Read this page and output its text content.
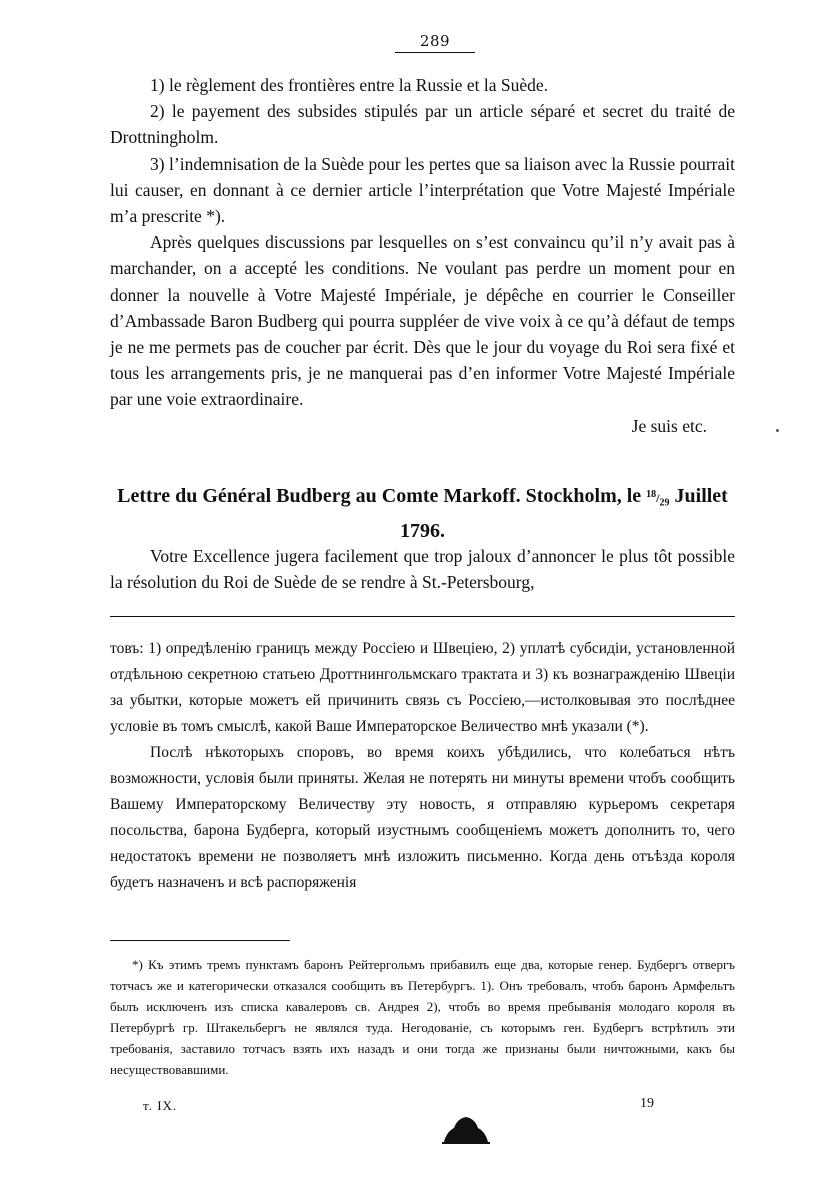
289

1) le règlement des frontières entre la Russie et la Suède.

2) le payement des subsides stipulés par un article séparé et secret du traité de Drottningholm.

3) l’indemnisation de la Suède pour les pertes que sa liaison avec la Russie pourrait lui causer, en donnant à ce dernier article l’interprétation que Votre Majesté Impériale m’a prescrite *).

Après quelques discussions par lesquelles on s’est convaincu qu’il n’y avait pas à marchander, on a accepté les conditions. Ne voulant pas perdre un moment pour en donner la nouvelle à Votre Majesté Impériale, je dépêche en courrier le Conseiller d’Ambassade Baron Budberg qui pourra suppléer de vive voix à ce qu’à défaut de temps je ne me permets pas de coucher par écrit. Dès que le jour du voyage du Roi sera fixé et tous les arrangements pris, je ne manquerai pas d’en informer Votre Majesté Impériale par une voie extraordinaire.

Je suis etc.

Lettre du Général Budberg au Comte Markoff. Stockholm, le $^{18}/_{29}$ Juillet
1796.

Votre Excellence jugera facilement que trop jaloux d’annoncer le plus tôt possible la résolution du Roi de Suède de se rendre à St.-Petersbourg,

товъ: 1) опредѣленію границъ между Россіею и Швеціею, 2) уплатѣ субсидіи, установленной отдѣльною секретною статьею Дроттнингольмскаго трактата и 3) къ вознагражденію Швеціи за убытки, которые можетъ ей причинить связь съ Россіею,—истолковывая это послѣднее условіе въ томъ смыслѣ, какой Ваше Императорское Величество мнѣ указали (*).

Послѣ нѣкоторыхъ споровъ, во время коихъ убѣдились, что колебаться нѣтъ возможности, условія были приняты. Желая не потерять ни минуты времени чтобъ сообщить Вашему Императорскому Величеству эту новость, я отправляю курьеромъ секретаря посольства, барона Будберга, который изустнымъ сообщеніемъ можетъ дополнить то, чего недостатокъ времени не позволяетъ мнѣ изложить письменно. Когда день отъѣзда короля будетъ назначенъ и всѣ распоряженія

*) Къ этимъ тремъ пунктамъ баронъ Рейтергольмъ прибавилъ еще два, которые генер. Будбергъ отвергъ тотчасъ же и категорически отказался сообщить въ Петербургъ. 1). Онъ требовалъ, чтобъ баронъ Армфельтъ былъ исключенъ изъ списка кавалеровъ св. Андрея 2), чтобъ во время пребыванія молодаго короля въ Петербургѣ гр. Штакельбергъ не являлся туда. Негодованіе, съ которымъ ген. Будбергъ встрѣтилъ эти требованія, заставило тотчасъ взять ихъ назадъ и они тогда же признаны были ничтожными, какъ бы несуществовавшими.

т. IX.	19
